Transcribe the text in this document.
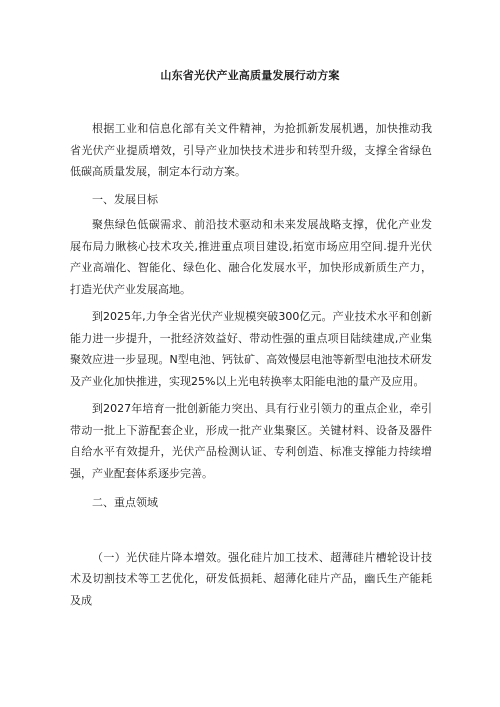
山东省光伏产业高质量发展行动方案

根据工业和信息化部有关文件精神，为抢抓新发展机遇，加快推动我省光伏产业提质增效，引导产业加快技术进步和转型升级，支撑全省绿色低碳高质量发展，制定本行动方案。

一、发展目标

聚焦绿色低碳需求、前沿技术驱动和未来发展战略支撑，优化产业发展布局力瞅核心技术攻关,推进重点项目建设,拓宽市场应用空间.提升光伏产业高端化、智能化、绿色化、融合化发展水平，加快形成新质生产力，打造光伏产业发展高地。

到2025年,力争全省光伏产业规模突破300亿元。产业技术水平和创新能力进一步提升，一批经济效益好、带动性强的重点项目陆续建成,产业集聚效应进一步显现。N型电池、钙钛矿、高效慢层电池等新型电池技术研发及产业化加快推进，实现25%以上光电转换率太阳能电池的量产及应用。

到2027年培育一批创新能力突出、具有行业引领力的重点企业，牵引带动一批上下游配套企业，形成一批产业集聚区。关键材料、设备及器件自给水平有效提升，光伏产品检测认证、专利创造、标准支撑能力持续增强，产业配套体系逐步完善。

二、重点领域

（一）光伏硅片降本增效。强化硅片加工技术、超薄硅片槽轮设计技术及切割技术等工艺优化，研发低损耗、超薄化硅片产品，幽氏生产能耗及成
